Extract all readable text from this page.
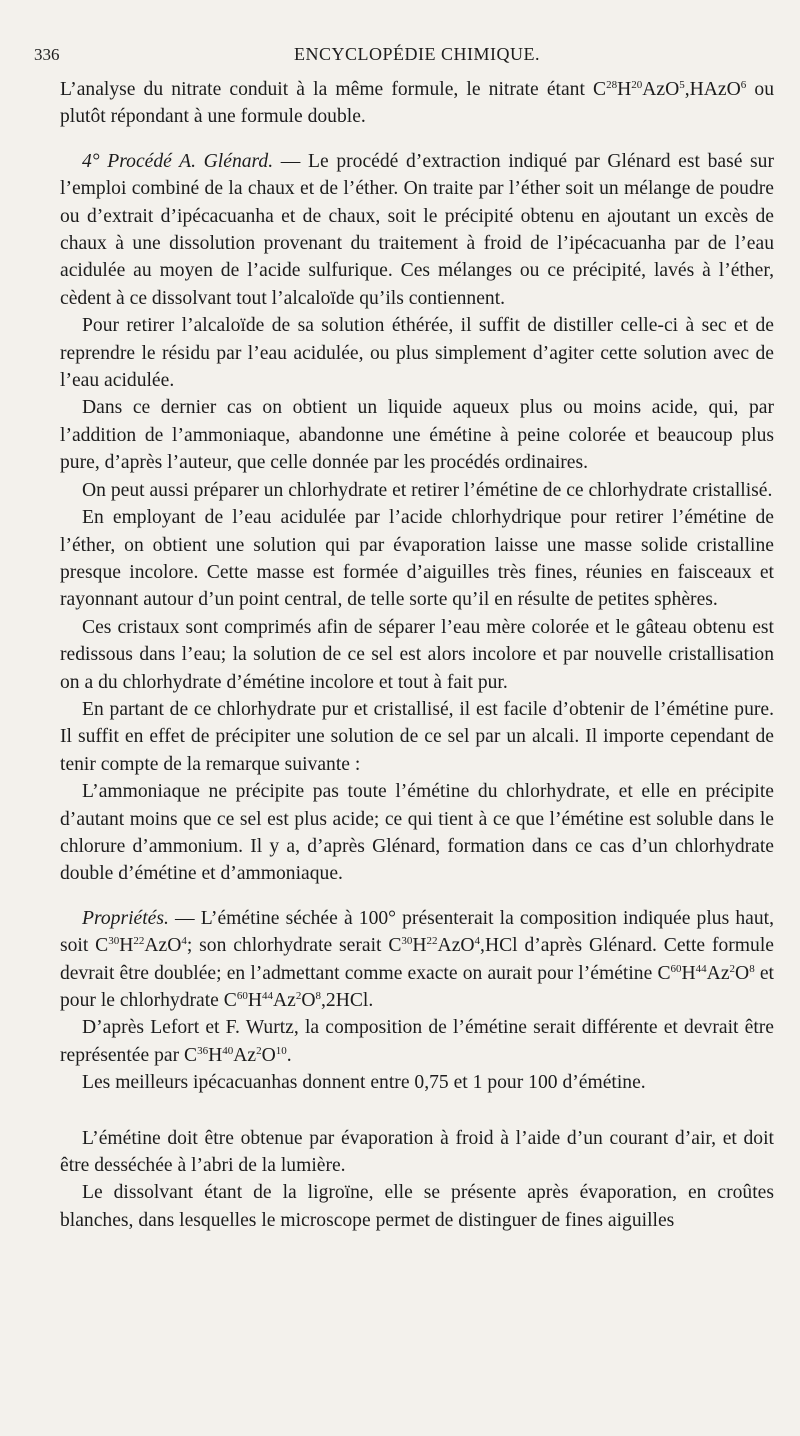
336	ENCYCLOPÉDIE CHIMIQUE.

L’analyse du nitrate conduit à la même formule, le nitrate étant $C^{28}H^{20}AzO^5,HAzO^6$ ou plutôt répondant à une formule double.

4° Procédé A. Glénard. — Le procédé d’extraction indiqué par Glénard est basé sur l’emploi combiné de la chaux et de l’éther. On traite par l’éther soit un mélange de poudre ou d’extrait d’ipécacuanha et de chaux, soit le précipité obtenu en ajoutant un excès de chaux à une dissolution provenant du traitement à froid de l’ipécacuanha par de l’eau acidulée au moyen de l’acide sulfurique. Ces mélanges ou ce précipité, lavés à l’éther, cèdent à ce dissolvant tout l’alcaloïde qu’ils contiennent.

Pour retirer l’alcaloïde de sa solution éthérée, il suffit de distiller celle-ci à sec et de reprendre le résidu par l’eau acidulée, ou plus simplement d’agiter cette solution avec de l’eau acidulée.

Dans ce dernier cas on obtient un liquide aqueux plus ou moins acide, qui, par l’addition de l’ammoniaque, abandonne une émétine à peine colorée et beaucoup plus pure, d’après l’auteur, que celle donnée par les procédés ordinaires.

On peut aussi préparer un chlorhydrate et retirer l’émétine de ce chlorhydrate cristallisé.

En employant de l’eau acidulée par l’acide chlorhydrique pour retirer l’émétine de l’éther, on obtient une solution qui par évaporation laisse une masse solide cristalline presque incolore. Cette masse est formée d’aiguilles très fines, réunies en faisceaux et rayonnant autour d’un point central, de telle sorte qu’il en résulte de petites sphères.

Ces cristaux sont comprimés afin de séparer l’eau mère colorée et le gâteau obtenu est redissous dans l’eau; la solution de ce sel est alors incolore et par nouvelle cristallisation on a du chlorhydrate d’émétine incolore et tout à fait pur.

En partant de ce chlorhydrate pur et cristallisé, il est facile d’obtenir de l’émétine pure. Il suffit en effet de précipiter une solution de ce sel par un alcali. Il importe cependant de tenir compte de la remarque suivante :

L’ammoniaque ne précipite pas toute l’émétine du chlorhydrate, et elle en précipite d’autant moins que ce sel est plus acide; ce qui tient à ce que l’émétine est soluble dans le chlorure d’ammonium. Il y a, d’après Glénard, formation dans ce cas d’un chlorhydrate double d’émétine et d’ammoniaque.

Propriétés. — L’émétine séchée à 100° présenterait la composition indiquée plus haut, soit $C^{30}H^{22}AzO^4$; son chlorhydrate serait $C^{30}H^{22}AzO^4,HCl$ d’après Glénard. Cette formule devrait être doublée; en l’admettant comme exacte on aurait pour l’émétine $C^{60}H^{44}Az^2O^8$ et pour le chlorhydrate $C^{60}H^{44}Az^2O^8,2HCl$.

D’après Lefort et F. Wurtz, la composition de l’émétine serait différente et devrait être représentée par $C^{36}H^{40}Az^2O^{10}$.

Les meilleurs ipécacuanhas donnent entre 0,75 et 1 pour 100 d’émétine.

L’émétine doit être obtenue par évaporation à froid à l’aide d’un courant d’air, et doit être desséchée à l’abri de la lumière.

Le dissolvant étant de la ligroïne, elle se présente après évaporation, en croûtes blanches, dans lesquelles le microscope permet de distinguer de fines aiguilles
